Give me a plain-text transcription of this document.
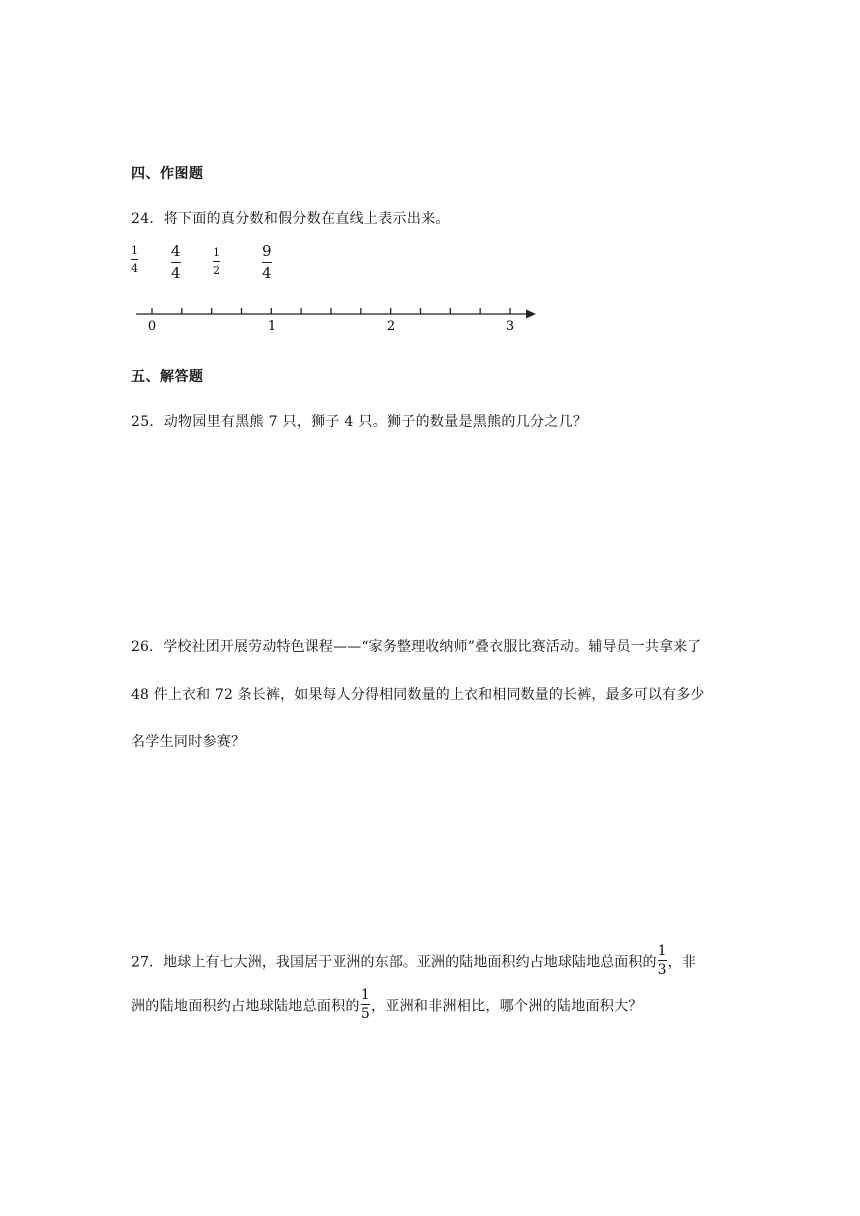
四、作图题
24．将下面的真分数和假分数在直线上表示出来。
1
4
4
4
1
2
9
4
0	1	2	3
五、解答题
25．动物园里有黑熊 7 只，狮子 4 只。狮子的数量是黑熊的几分之几？
26．学校社团开展劳动特色课程——“家务整理收纳师”叠衣服比赛活动。辅导员一共拿来了
48 件上衣和 72 条长裤，如果每人分得相同数量的上衣和相同数量的长裤，最多可以有多少
名学生同时参赛？
27．地球上有七大洲，我国居于亚洲的东部。亚洲的陆地面积约占地球陆地总面积的 $\frac{1}{3}$ ，非
洲的陆地面积约占地球陆地总面积的 $\frac{1}{5}$ ，亚洲和非洲相比，哪个洲的陆地面积大？
